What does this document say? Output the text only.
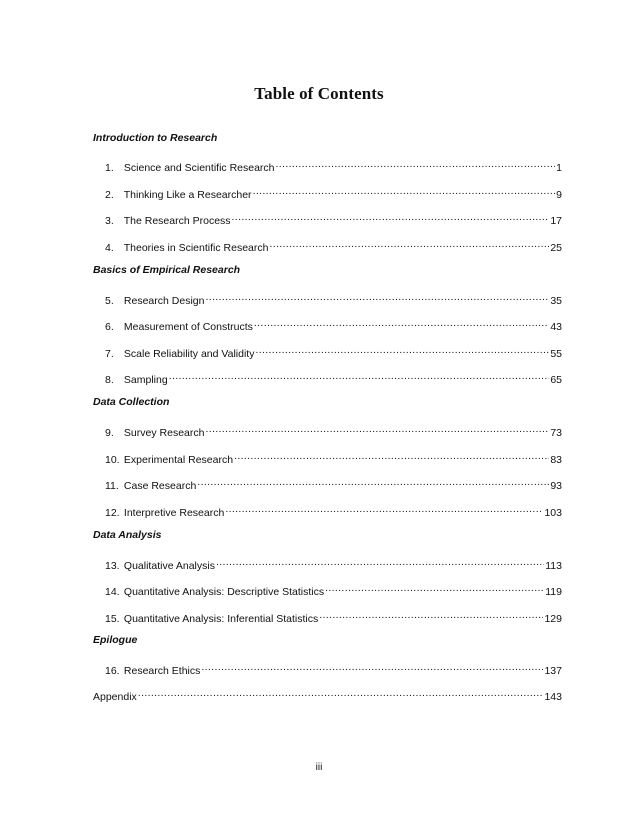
Table of Contents
Introduction to Research
1. Science and Scientific Research .....	1
2. Thinking Like a Researcher .....	9
3. The Research Process .....	17
4. Theories in Scientific Research .....	25
Basics of Empirical Research
5. Research Design .....	35
6. Measurement of Constructs .....	43
7. Scale Reliability and Validity .....	55
8. Sampling .....	65
Data Collection
9. Survey Research .....	73
10. Experimental Research .....	83
11. Case Research .....	93
12. Interpretive Research .....	103
Data Analysis
13. Qualitative Analysis .....	113
14. Quantitative Analysis: Descriptive Statistics .....	119
15. Quantitative Analysis: Inferential Statistics .....	129
Epilogue
16. Research Ethics .....	137
Appendix .....	143
iii
